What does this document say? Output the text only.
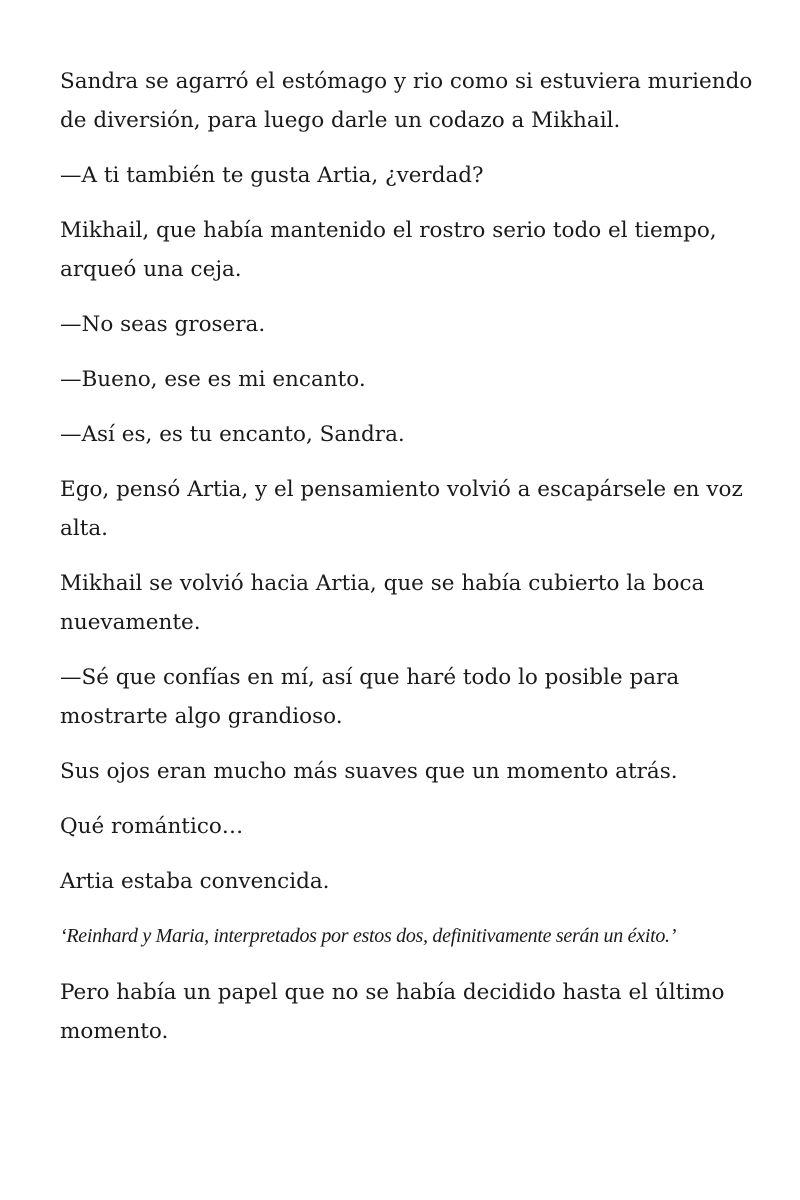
Sandra se agarró el estómago y rio como si estuviera muriendo de diversión, para luego darle un codazo a Mikhail.

—A ti también te gusta Artia, ¿verdad?

Mikhail, que había mantenido el rostro serio todo el tiempo, arqueó una ceja.

—No seas grosera.

—Bueno, ese es mi encanto.

—Así es, es tu encanto, Sandra.

Ego, pensó Artia, y el pensamiento volvió a escapársele en voz alta.

Mikhail se volvió hacia Artia, que se había cubierto la boca nuevamente.

—Sé que confías en mí, así que haré todo lo posible para mostrarte algo grandioso.

Sus ojos eran mucho más suaves que un momento atrás.

Qué romántico…

Artia estaba convencida.

‘Reinhard y Maria, interpretados por estos dos, definitivamente serán un éxito.’

Pero había un papel que no se había decidido hasta el último momento.
